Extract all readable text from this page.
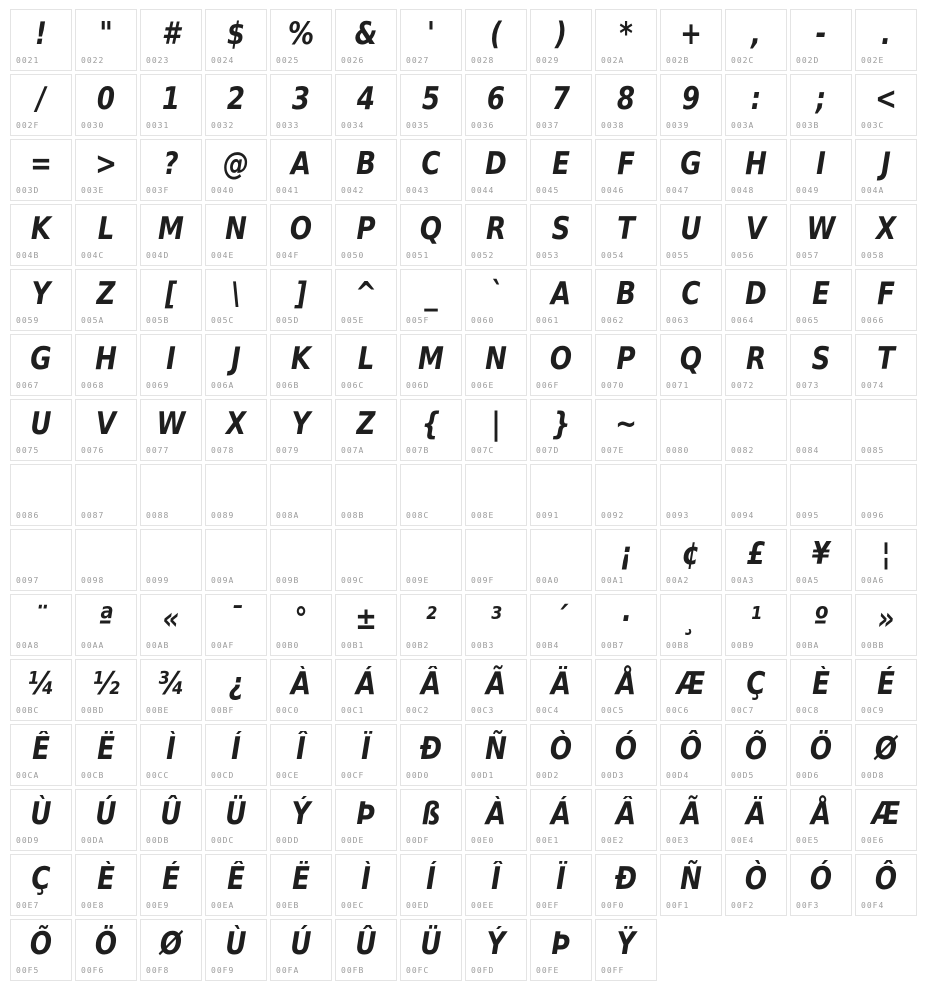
!
0021
"
0022
#
0023
$
0024
%
0025
&
0026
'
0027
(
0028
)
0029
*
002A
+
002B
,
002C
-
002D
.
002E
/
002F
0
0030
1
0031
2
0032
3
0033
4
0034
5
0035
6
0036
7
0037
8
0038
9
0039
:
003A
;
003B
<
003C
=
003D
>
003E
?
003F
@
0040
A
0041
B
0042
C
0043
D
0044
E
0045
F
0046
G
0047
H
0048
I
0049
J
004A
K
004B
L
004C
M
004D
N
004E
O
004F
P
0050
Q
0051
R
0052
S
0053
T
0054
U
0055
V
0056
W
0057
X
0058
Y
0059
Z
005A
[
005B
\
005C
]
005D
^
005E
_
005F
`
0060
A
0061
B
0062
C
0063
D
0064
E
0065
F
0066
G
0067
H
0068
I
0069
J
006A
K
006B
L
006C
M
006D
N
006E
O
006F
P
0070
Q
0071
R
0072
S
0073
T
0074
U
0075
V
0076
W
0077
X
0078
Y
0079
Z
007A
{
007B
|
007C
}
007D
~
007E	0080	0082	0084	0085
0086	0087	0088	0089	008A	008B	008C	008E	0091	0092	0093	0094	0095	0096
0097	0098	0099	009A	009B	009C	009E	009F	00A0
¡
00A1
¢
00A2
£
00A3
¥
00A5
¦
00A6
¨
00A8
ª
00AA
«
00AB
¯
00AF
°
00B0
±
00B1
²
00B2
³
00B3
´
00B4
·
00B7
¸
00B8
¹
00B9
º
00BA
»
00BB
¼
00BC
½
00BD
¾
00BE
¿
00BF
À
00C0
Á
00C1
Â
00C2
Ã
00C3
Ä
00C4
Å
00C5
Æ
00C6
Ç
00C7
È
00C8
É
00C9
Ê
00CA
Ë
00CB
Ì
00CC
Í
00CD
Î
00CE
Ï
00CF
Ð
00D0
Ñ
00D1
Ò
00D2
Ó
00D3
Ô
00D4
Õ
00D5
Ö
00D6
Ø
00D8
Ù
00D9
Ú
00DA
Û
00DB
Ü
00DC
Ý
00DD
Þ
00DE
ß
00DF
À
00E0
Á
00E1
Â
00E2
Ã
00E3
Ä
00E4
Å
00E5
Æ
00E6
Ç
00E7
È
00E8
É
00E9
Ê
00EA
Ë
00EB
Ì
00EC
Í
00ED
Î
00EE
Ï
00EF
Ð
00F0
Ñ
00F1
Ò
00F2
Ó
00F3
Ô
00F4
Õ
00F5
Ö
00F6
Ø
00F8
Ù
00F9
Ú
00FA
Û
00FB
Ü
00FC
Ý
00FD
Þ
00FE
Ÿ
00FF
